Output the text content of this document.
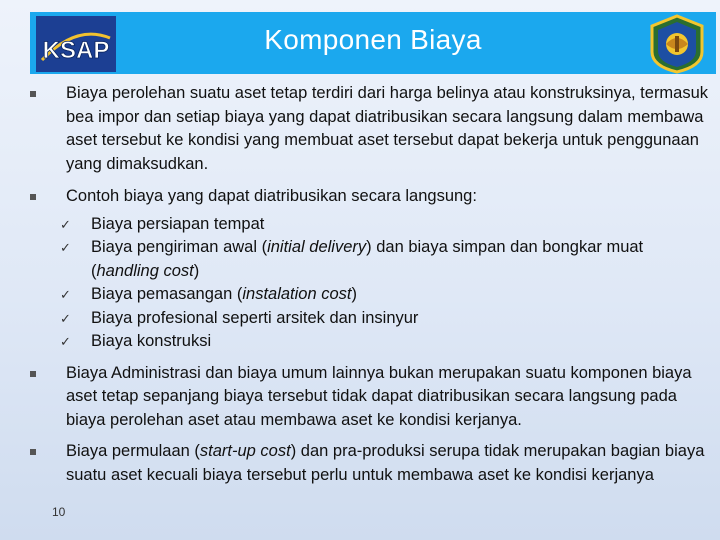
KSAP	Komponen Biaya
Biaya perolehan suatu aset tetap terdiri dari harga belinya atau konstruksinya, termasuk bea impor dan setiap biaya yang dapat diatribusikan secara langsung dalam membawa aset tersebut ke kondisi yang membuat aset tersebut dapat bekerja untuk penggunaan yang dimaksudkan.
Contoh biaya yang dapat diatribusikan secara langsung:
✓ Biaya persiapan tempat
✓ Biaya pengiriman awal (initial delivery) dan biaya simpan dan bongkar muat (handling cost)
✓ Biaya pemasangan (instalation cost)
✓ Biaya profesional seperti arsitek dan insinyur
✓ Biaya konstruksi
Biaya Administrasi dan biaya umum lainnya bukan merupakan suatu komponen biaya aset tetap sepanjang biaya tersebut tidak dapat diatribusikan secara langsung pada biaya perolehan aset atau membawa aset ke kondisi kerjanya.
Biaya permulaan (start-up cost) dan pra-produksi serupa tidak merupakan bagian biaya suatu aset kecuali biaya tersebut perlu untuk membawa aset ke kondisi kerjanya
10
